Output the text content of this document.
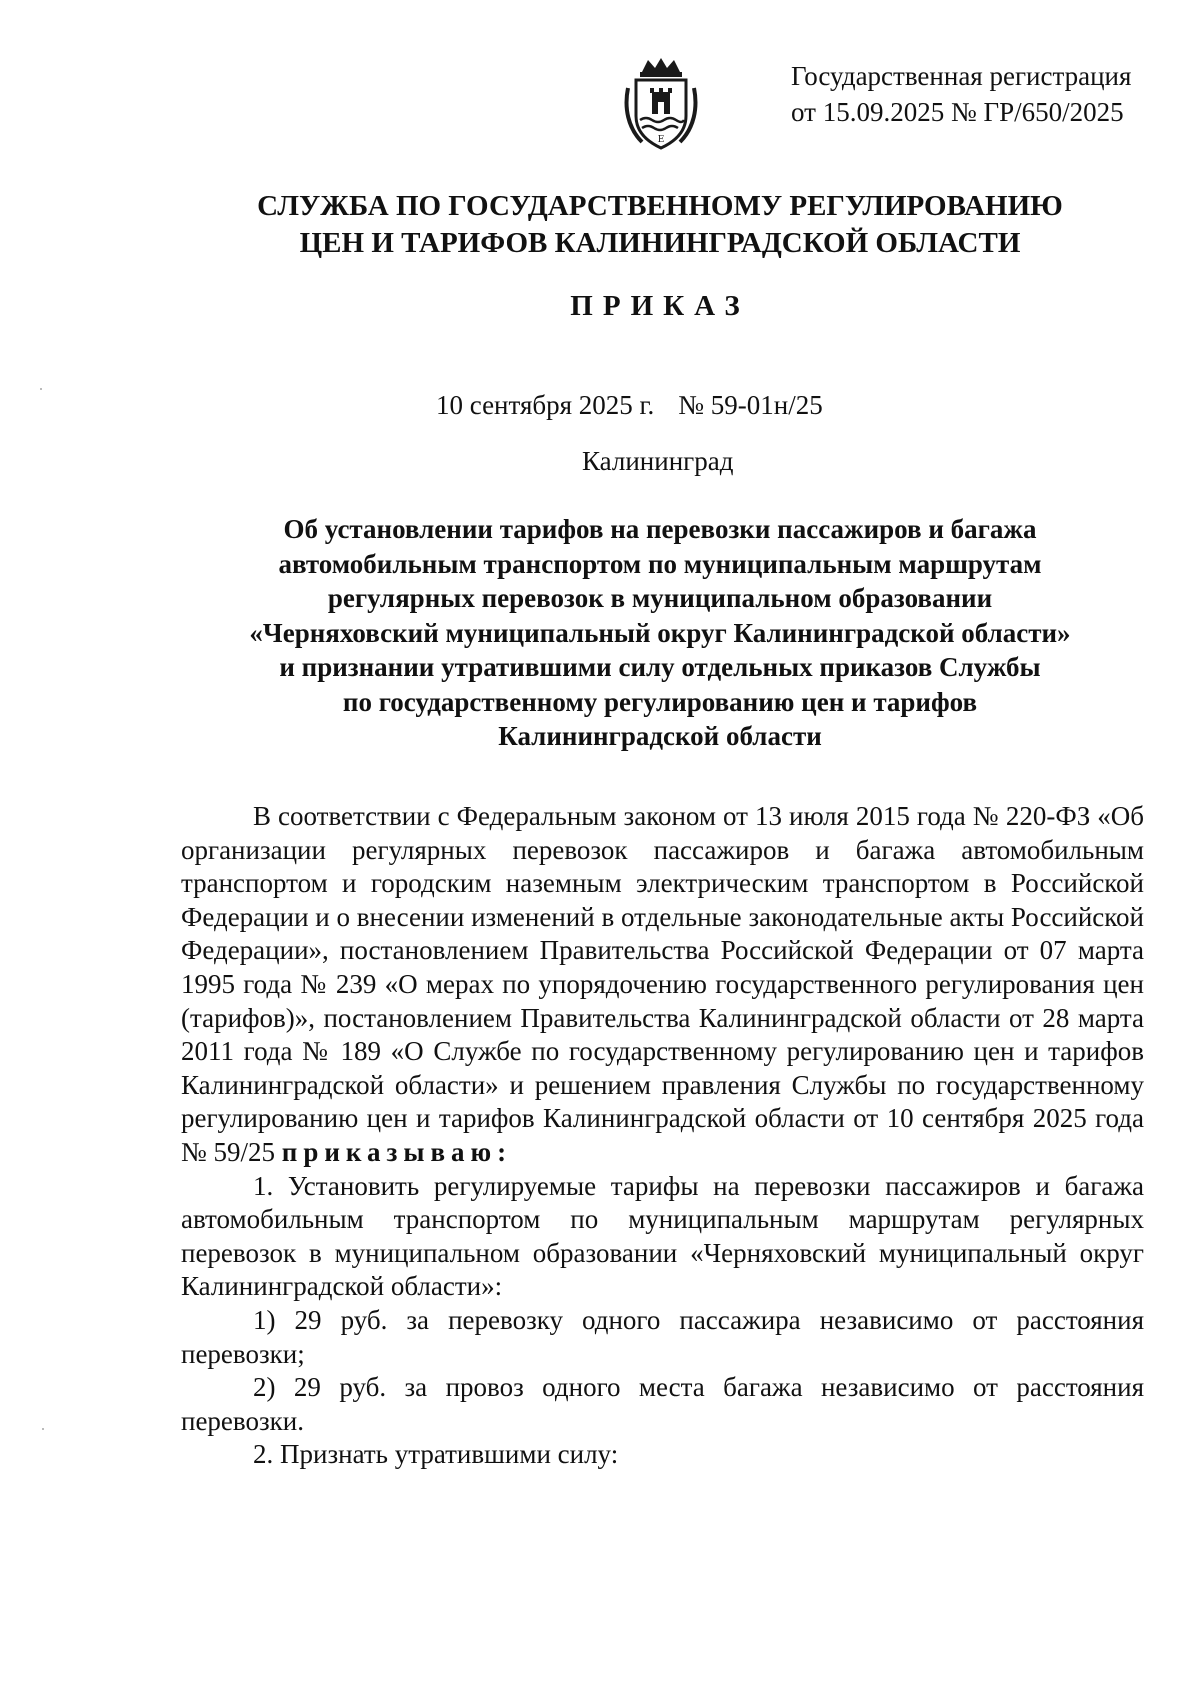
E
Государственная регистрация
от 15.09.2025 № ГР/650/2025
СЛУЖБА ПО ГОСУДАРСТВЕННОМУ РЕГУЛИРОВАНИЮ
ЦЕН И ТАРИФОВ КАЛИНИНГРАДСКОЙ ОБЛАСТИ
ПРИКАЗ
10 сентября 2025 г. № 59-01н/25
Калининград
Об установлении тарифов на перевозки пассажиров и багажа
автомобильным транспортом по муниципальным маршрутам
регулярных перевозок в муниципальном образовании
«Черняховский муниципальный округ Калининградской области»
и признании утратившими силу отдельных приказов Службы
по государственному регулированию цен и тарифов
Калининградской области

В соответствии с Федеральным законом от 13 июля 2015 года № 220-ФЗ «Об организации регулярных перевозок пассажиров и багажа автомобильным транспортом и городским наземным электрическим транспортом в Российской Федерации и о внесении изменений в отдельные законодательные акты Российской Федерации», постановлением Правительства Российской Федерации от 07 марта 1995 года № 239 «О мерах по упорядочению государственного регулирования цен (тарифов)», постановлением Правительства Калининградской области от 28 марта 2011 года № 189 «О Службе по государственному регулированию цен и тарифов Калининградской области» и решением правления Службы по государственному регулированию цен и тарифов Калининградской области от 10 сентября 2025 года № 59/25 приказываю:

1. Установить регулируемые тарифы на перевозки пассажиров и багажа автомобильным транспортом по муниципальным маршрутам регулярных перевозок в муниципальном образовании «Черняховский муниципальный округ Калининградской области»:

1) 29 руб. за перевозку одного пассажира независимо от расстояния перевозки;

2) 29 руб. за провоз одного места багажа независимо от расстояния перевозки.

2. Признать утратившими силу:
